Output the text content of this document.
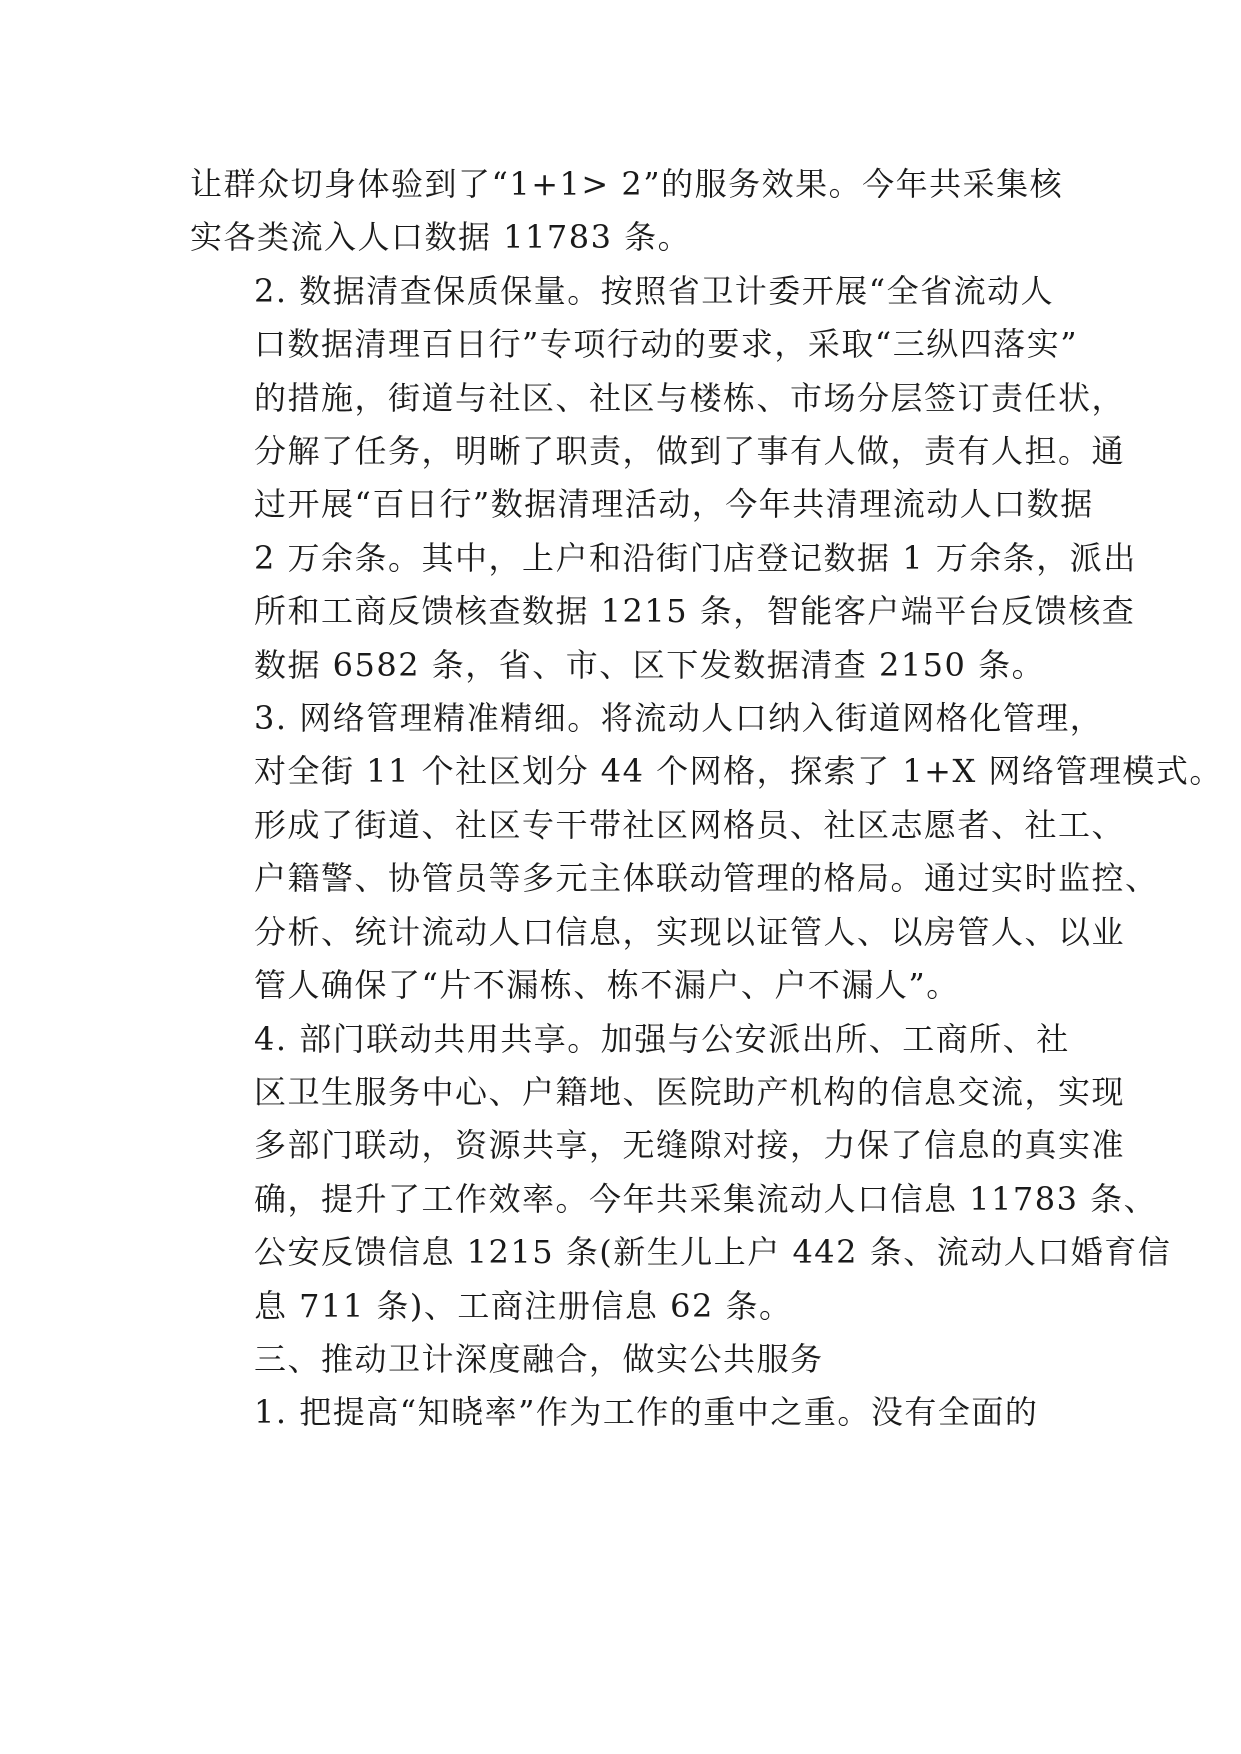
让群众切身体验到了“1+1> 2”的服务效果。今年共采集核
实各类流入人口数据 11783 条。

2. 数据清查保质保量。按照省卫计委开展“全省流动人
口数据清理百日行”专项行动的要求，采取“三纵四落实”
的措施，街道与社区、社区与楼栋、市场分层签订责任状，
分解了任务，明晰了职责，做到了事有人做，责有人担。通
过开展“百日行”数据清理活动，今年共清理流动人口数据
2 万余条。其中，上户和沿街门店登记数据 1 万余条，派出
所和工商反馈核查数据 1215 条，智能客户端平台反馈核查
数据 6582 条，省、市、区下发数据清查 2150 条。

3. 网络管理精准精细。将流动人口纳入街道网格化管理，
对全街 11 个社区划分 44 个网格，探索了 1+X 网络管理模式。
形成了街道、社区专干带社区网格员、社区志愿者、社工、
户籍警、协管员等多元主体联动管理的格局。通过实时监控、
分析、统计流动人口信息，实现以证管人、以房管人、以业
管人确保了“片不漏栋、栋不漏户、户不漏人”。

4. 部门联动共用共享。加强与公安派出所、工商所、社
区卫生服务中心、户籍地、医院助产机构的信息交流，实现
多部门联动，资源共享，无缝隙对接，力保了信息的真实准
确，提升了工作效率。今年共采集流动人口信息 11783 条、
公安反馈信息 1215 条(新生儿上户 442 条、流动人口婚育信
息 711 条)、工商注册信息 62 条。

三、推动卫计深度融合，做实公共服务

1. 把提高“知晓率”作为工作的重中之重。没有全面的
